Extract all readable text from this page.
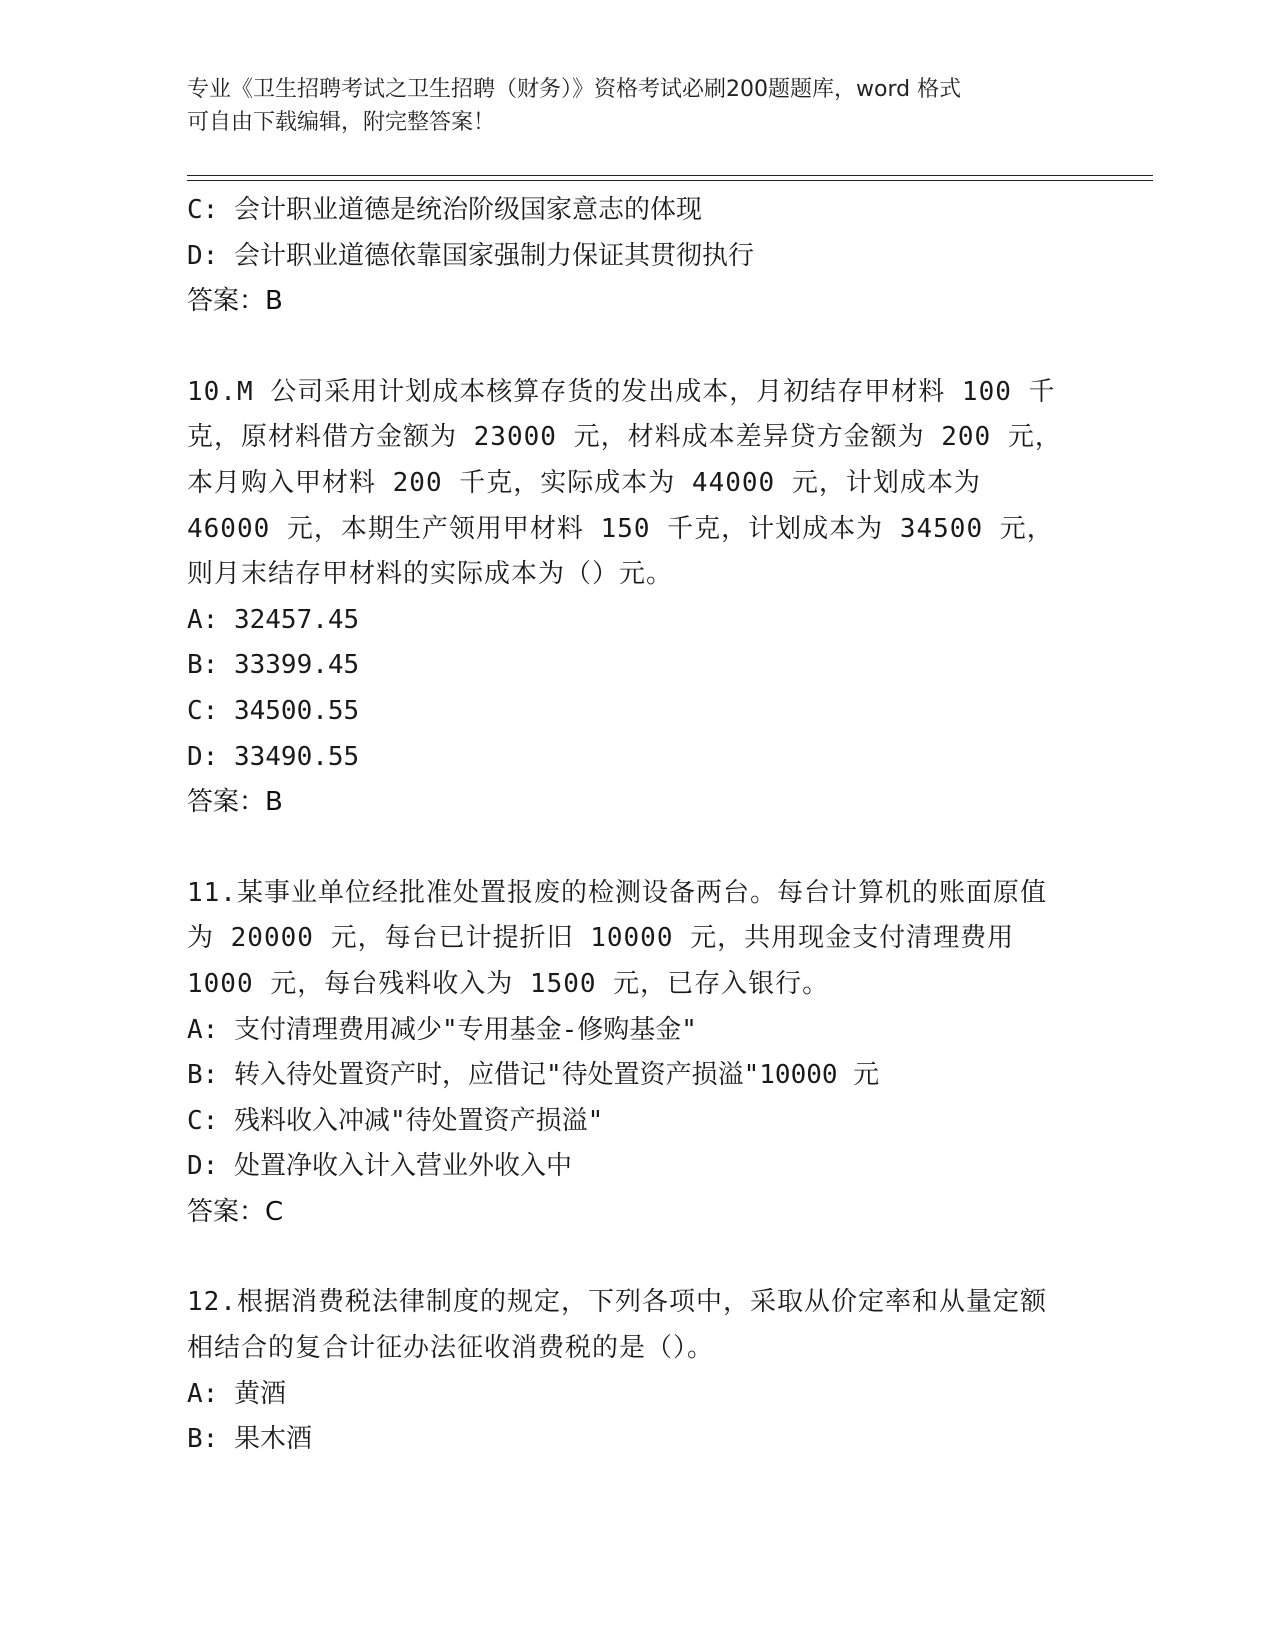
专业《卫生招聘考试之卫生招聘（财务）》资格考试必刷200题题库，word 格式
可自由下载编辑，附完整答案！
C: 会计职业道德是统治阶级国家意志的体现
D: 会计职业道德依靠国家强制力保证其贯彻执行
答案：B
10.M 公司采用计划成本核算存货的发出成本，月初结存甲材料 100 千克，原材料借方金额为 23000 元，材料成本差异贷方金额为 200 元，本月购入甲材料 200 千克，实际成本为 44000 元，计划成本为 46000 元，本期生产领用甲材料 150 千克，计划成本为 34500 元，则月末结存甲材料的实际成本为（）元。
A: 32457.45
B: 33399.45
C: 34500.55
D: 33490.55
答案：B
11.某事业单位经批准处置报废的检测设备两台。每台计算机的账面原值为 20000 元，每台已计提折旧 10000 元，共用现金支付清理费用 1000 元，每台残料收入为 1500 元，已存入银行。
A: 支付清理费用减少"专用基金-修购基金"
B: 转入待处置资产时，应借记"待处置资产损溢"10000 元
C: 残料收入冲减"待处置资产损溢"
D: 处置净收入计入营业外收入中
答案：C
12.根据消费税法律制度的规定，下列各项中，采取从价定率和从量定额相结合的复合计征办法征收消费税的是（）。
A: 黄酒
B: 果木酒
